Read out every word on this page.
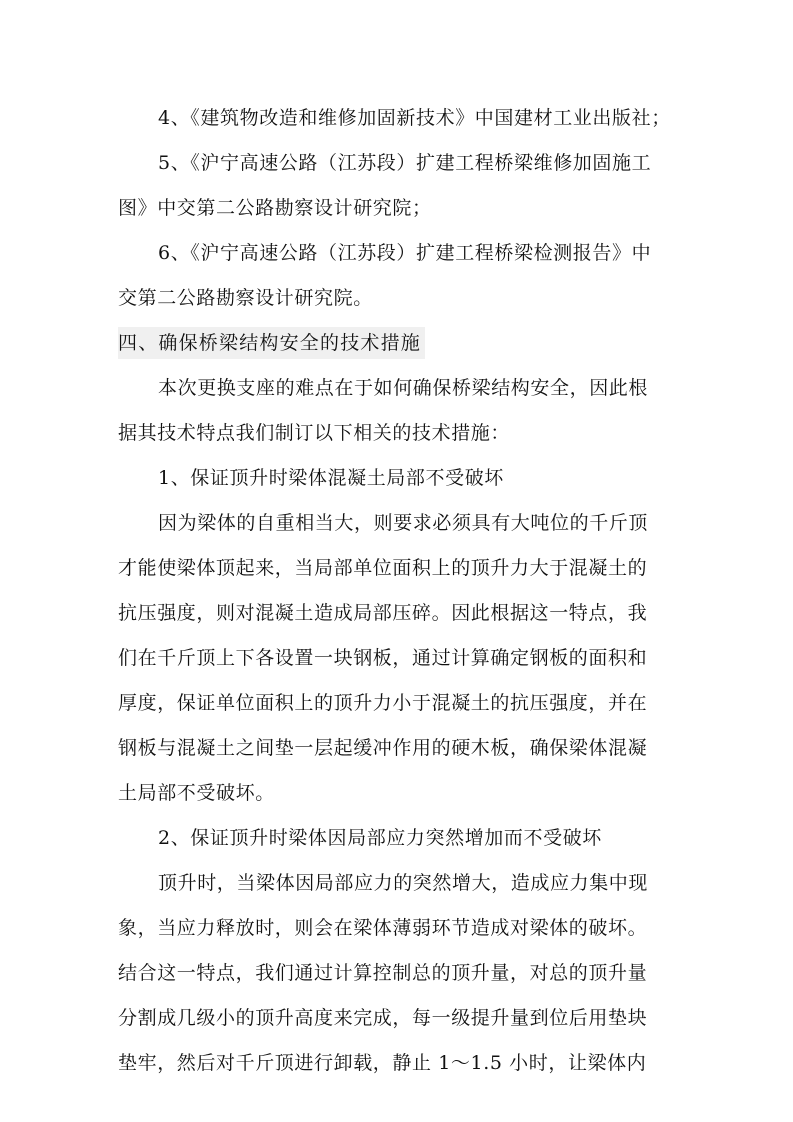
4、《建筑物改造和维修加固新技术》中国建材工业出版社；
5、《沪宁高速公路（江苏段）扩建工程桥梁维修加固施工
图》中交第二公路勘察设计研究院；
6、《沪宁高速公路（江苏段）扩建工程桥梁检测报告》中
交第二公路勘察设计研究院。
四、确保桥梁结构安全的技术措施
本次更换支座的难点在于如何确保桥梁结构安全，因此根
据其技术特点我们制订以下相关的技术措施：
1、保证顶升时梁体混凝土局部不受破坏
因为梁体的自重相当大，则要求必须具有大吨位的千斤顶
才能使梁体顶起来，当局部单位面积上的顶升力大于混凝土的
抗压强度，则对混凝土造成局部压碎。因此根据这一特点，我
们在千斤顶上下各设置一块钢板，通过计算确定钢板的面积和
厚度，保证单位面积上的顶升力小于混凝土的抗压强度，并在
钢板与混凝土之间垫一层起缓冲作用的硬木板，确保梁体混凝
土局部不受破坏。
2、保证顶升时梁体因局部应力突然增加而不受破坏
顶升时，当梁体因局部应力的突然增大，造成应力集中现
象，当应力释放时，则会在梁体薄弱环节造成对梁体的破坏。
结合这一特点，我们通过计算控制总的顶升量，对总的顶升量
分割成几级小的顶升高度来完成，每一级提升量到位后用垫块
垫牢，然后对千斤顶进行卸载，静止 1～1.5 小时，让梁体内
